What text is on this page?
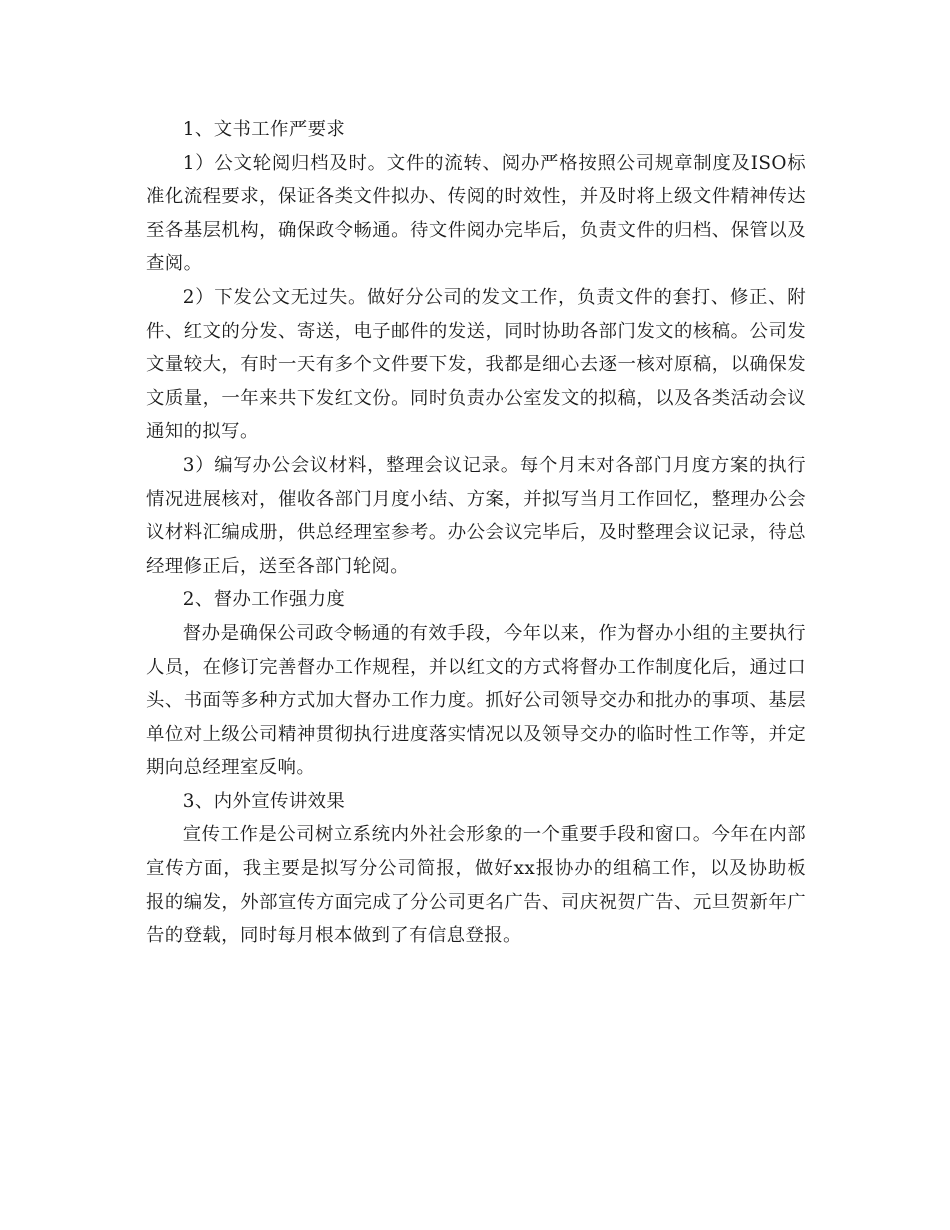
1、文书工作严要求

1）公文轮阅归档及时。文件的流转、阅办严格按照公司规章制度及ISO标准化流程要求，保证各类文件拟办、传阅的时效性，并及时将上级文件精神传达至各基层机构，确保政令畅通。待文件阅办完毕后，负责文件的归档、保管以及查阅。

2）下发公文无过失。做好分公司的发文工作，负责文件的套打、修正、附件、红文的分发、寄送，电子邮件的发送，同时协助各部门发文的核稿。公司发文量较大，有时一天有多个文件要下发，我都是细心去逐一核对原稿，以确保发文质量，一年来共下发红文份。同时负责办公室发文的拟稿，以及各类活动会议通知的拟写。

3）编写办公会议材料，整理会议记录。每个月末对各部门月度方案的执行情况进展核对，催收各部门月度小结、方案，并拟写当月工作回忆，整理办公会议材料汇编成册，供总经理室参考。办公会议完毕后，及时整理会议记录，待总经理修正后，送至各部门轮阅。

2、督办工作强力度

督办是确保公司政令畅通的有效手段，今年以来，作为督办小组的主要执行人员，在修订完善督办工作规程，并以红文的方式将督办工作制度化后，通过口头、书面等多种方式加大督办工作力度。抓好公司领导交办和批办的事项、基层单位对上级公司精神贯彻执行进度落实情况以及领导交办的临时性工作等，并定期向总经理室反响。

3、内外宣传讲效果

宣传工作是公司树立系统内外社会形象的一个重要手段和窗口。今年在内部宣传方面，我主要是拟写分公司简报，做好xx报协办的组稿工作，以及协助板报的编发，外部宣传方面完成了分公司更名广告、司庆祝贺广告、元旦贺新年广告的登载，同时每月根本做到了有信息登报。
